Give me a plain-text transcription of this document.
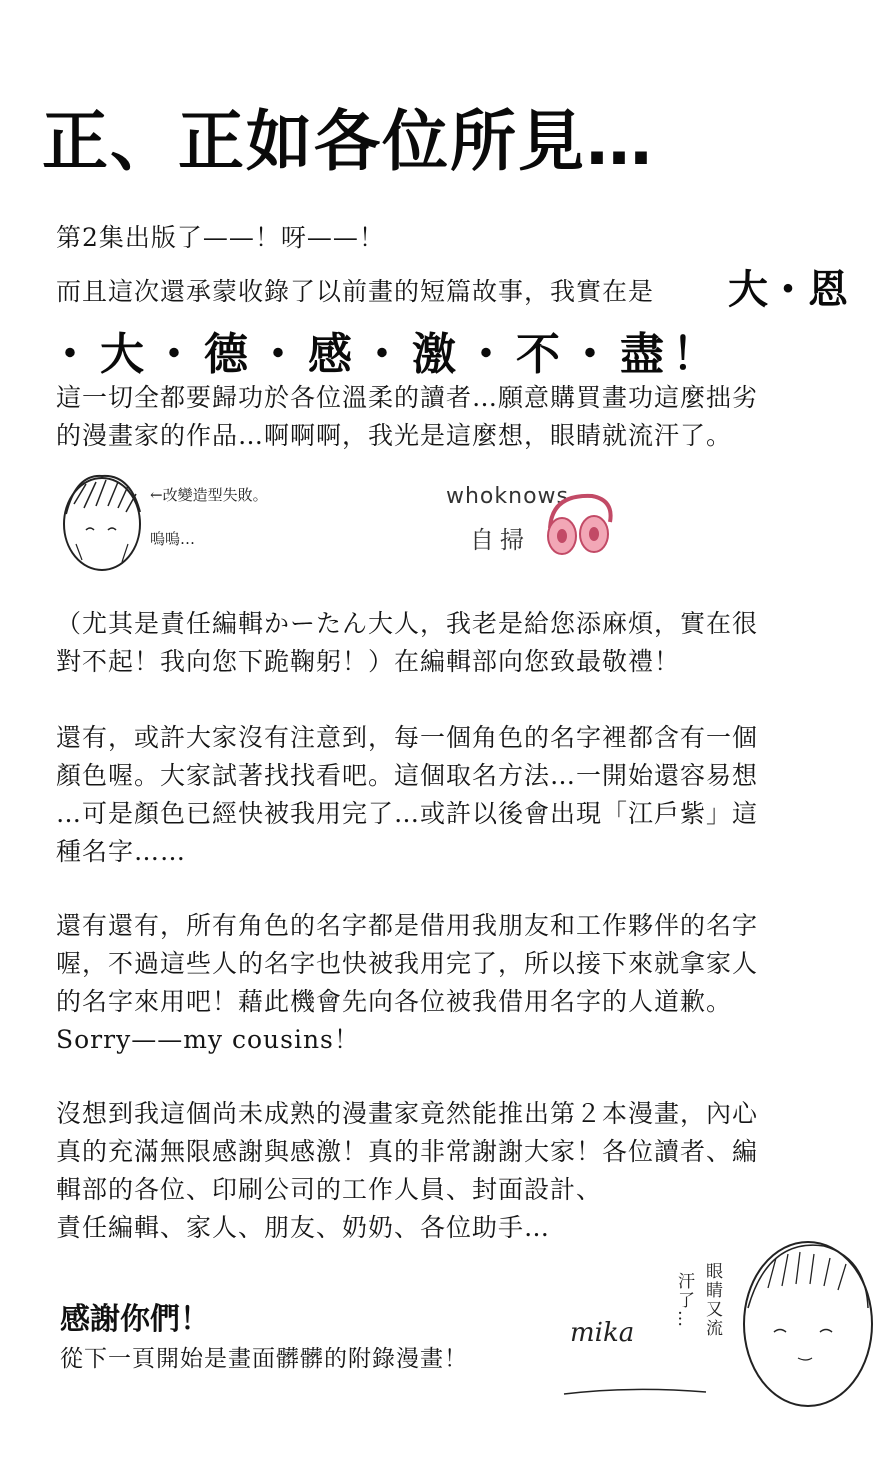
正、正如各位所見…
第2集出版了——！呀——！
而且這次還承蒙收錄了以前畫的短篇故事，我實在是 大・恩
・大・德・感・激・不・盡！
這一切全都要歸功於各位溫柔的讀者…願意購買畫功這麼拙劣
的漫畫家的作品…啊啊啊，我光是這麼想，眼睛就流汗了。
←改變造型失敗。
嗚嗚…
whoknows
自掃
（尤其是責任編輯かーたん大人，我老是給您添麻煩，實在很
對不起！我向您下跪鞠躬！）在編輯部向您致最敬禮！
還有，或許大家沒有注意到，每一個角色的名字裡都含有一個
顏色喔。大家試著找找看吧。這個取名方法…一開始還容易想
…可是顏色已經快被我用完了…或許以後會出現「江戶紫」這
種名字……
還有還有，所有角色的名字都是借用我朋友和工作夥伴的名字
喔，不過這些人的名字也快被我用完了，所以接下來就拿家人
的名字來用吧！藉此機會先向各位被我借用名字的人道歉。
Sorry——my cousins！
沒想到我這個尚未成熟的漫畫家竟然能推出第２本漫畫，內心
真的充滿無限感謝與感激！真的非常謝謝大家！各位讀者、編
輯部的各位、印刷公司的工作人員、封面設計、
責任編輯、家人、朋友、奶奶、各位助手…
感謝你們！
從下一頁開始是畫面髒髒的附錄漫畫！
mika	眼睛又流
汗了…
